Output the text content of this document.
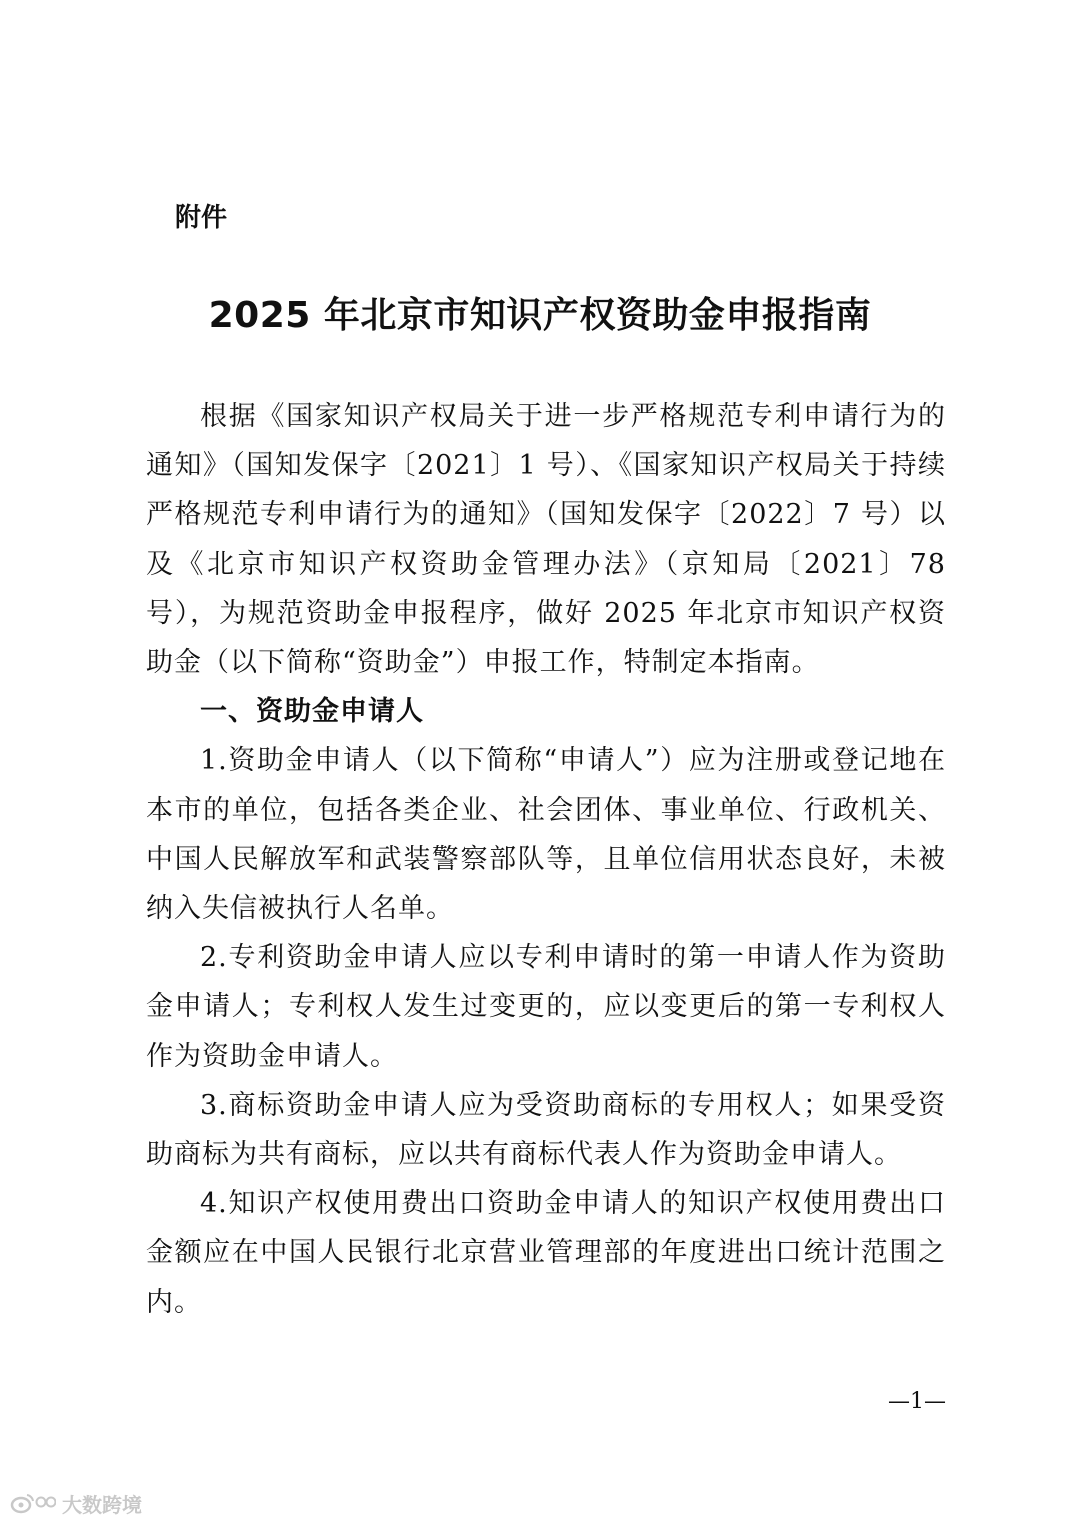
附件
2025 年北京市知识产权资助金申报指南

根据《国家知识产权局关于进一步严格规范专利申请行为的通知》（国知发保字〔2021〕1 号）、《国家知识产权局关于持续严格规范专利申请行为的通知》（国知发保字〔2022〕7 号）以及《北京市知识产权资助金管理办法》（京知局〔2021〕78 号），为规范资助金申报程序，做好 2025 年北京市知识产权资助金（以下简称“资助金”）申报工作，特制定本指南。

一、资助金申请人

1.资助金申请人（以下简称“申请人”）应为注册或登记地在本市的单位，包括各类企业、社会团体、事业单位、行政机关、中国人民解放军和武装警察部队等，且单位信用状态良好，未被纳入失信被执行人名单。

2.专利资助金申请人应以专利申请时的第一申请人作为资助金申请人；专利权人发生过变更的，应以变更后的第一专利权人作为资助金申请人。

3.商标资助金申请人应为受资助商标的专用权人；如果受资助商标为共有商标，应以共有商标代表人作为资助金申请人。

4.知识产权使用费出口资助金申请人的知识产权使用费出口金额应在中国人民银行北京营业管理部的年度进出口统计范围之内。

—1—
大数跨境
